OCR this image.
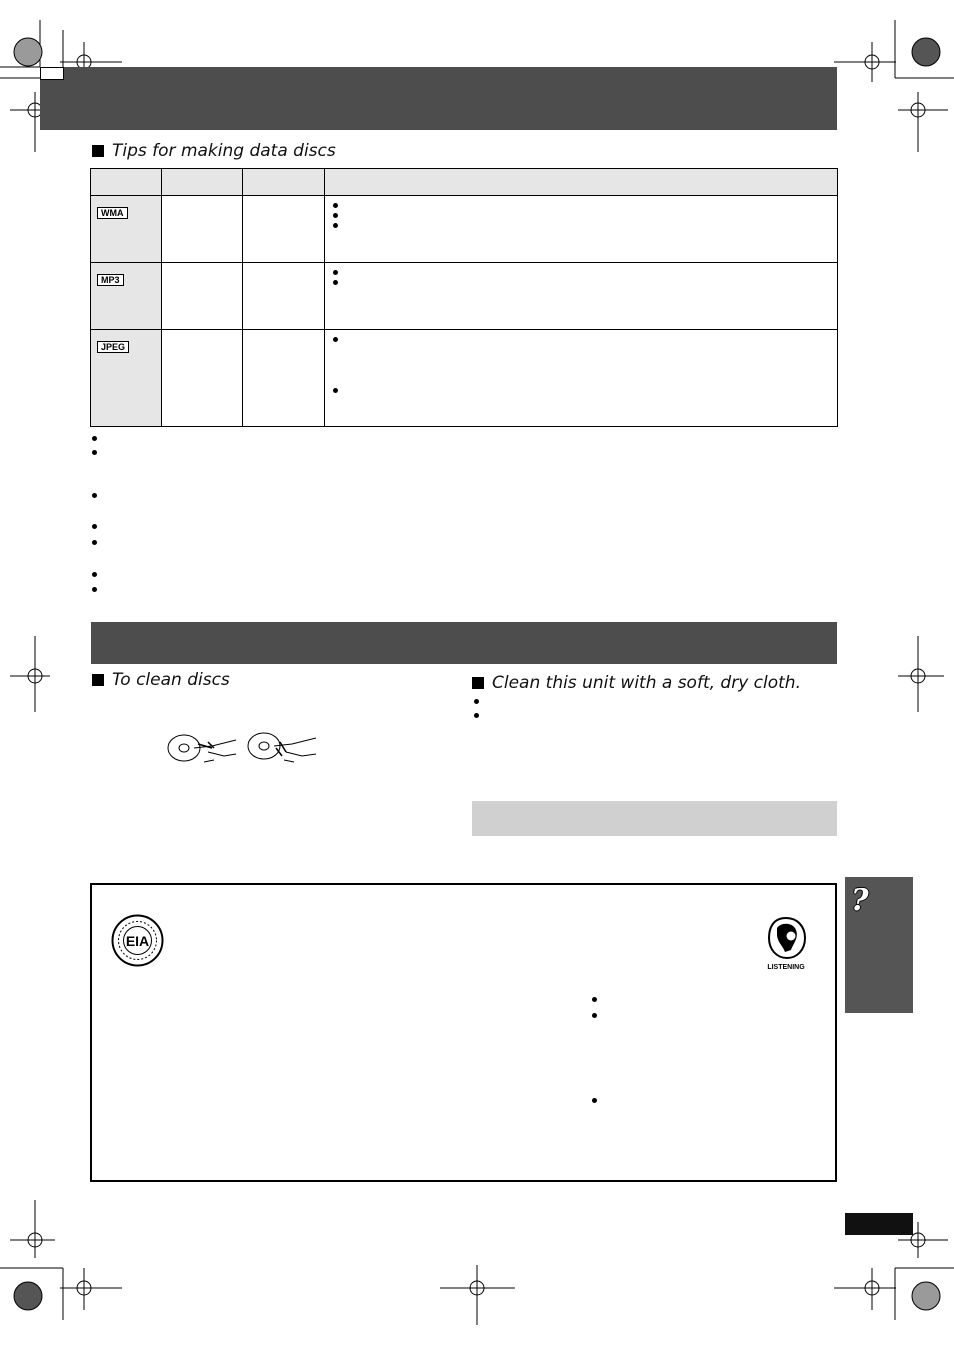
Tips for making data discs

WMA			

MP3			

JPEG			
To clean discs	Clean this unit with a soft, dry cloth.
?
EIA
LISTENING
